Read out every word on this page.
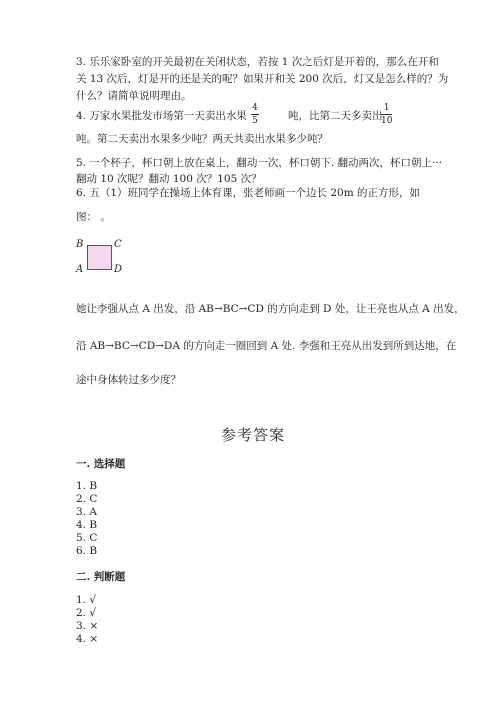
3. 乐乐家卧室的开关最初在关闭状态，若按 1 次之后灯是开着的，那么在开和
关 13 次后，灯是开的还是关的呢？如果开和关 200 次后，灯又是怎么样的？为
什么？请简单说明理由。
4. 万家水果批发市场第一天卖出水果
4
5	吨，比第二天多卖出
1
10
吨。第二天卖出水果多少吨？两天共卖出水果多少吨？
5. 一个杯子，杯口朝上放在桌上，翻动一次，杯口朝下. 翻动两次，杯口朝上···
翻动 10 次呢？翻动 100 次？105 次？
6. 五（1）班同学在操场上体育课，张老师画一个边长 20m 的正方形，如
图： 。
B	C
A	D
她让李强从点 A 出发，沿 AB→BC→CD 的方向走到 D 处，让王亮也从点 A 出发，
沿 AB→BC→CD→DA 的方向走一圈回到 A 处. 李强和王亮从出发到所到达地，在
途中身体转过多少度？
参考答案
一. 选择题
1. B
2. C
3. A
4. B
5. C
6. B
二. 判断题
1. √
2. √
3. ×
4. ×
